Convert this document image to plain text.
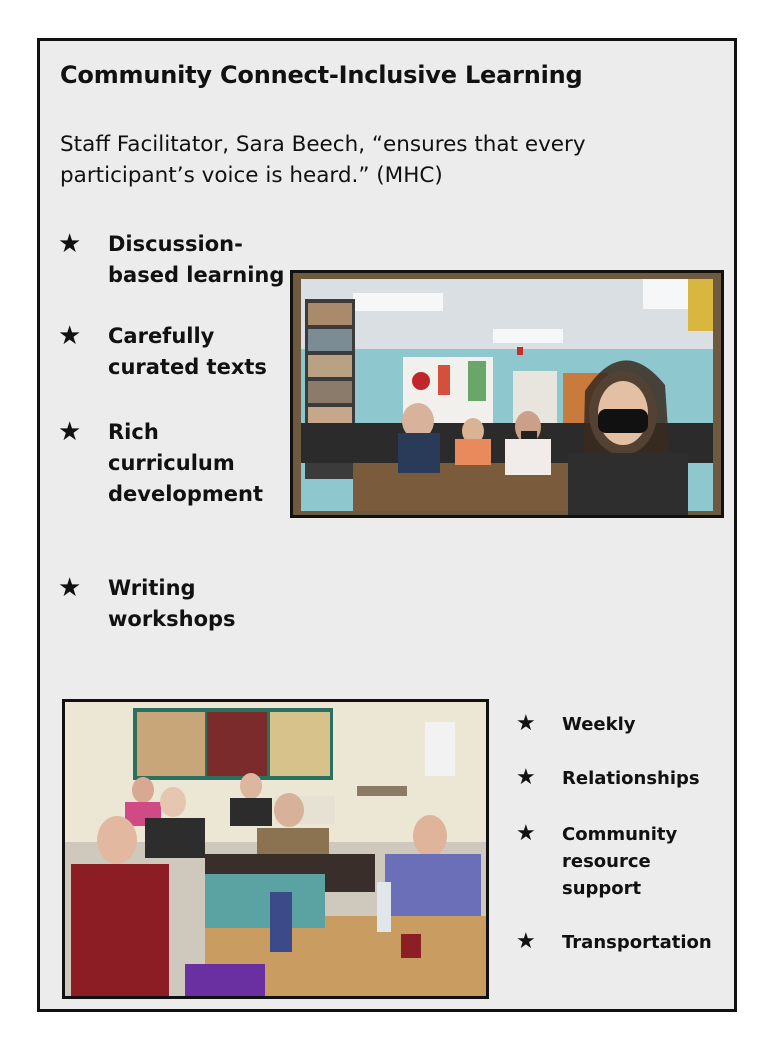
Community Connect-Inclusive Learning
Staff Facilitator, Sara Beech, “ensures that every participant’s voice is heard.” (MHC)
★	Discussion-
based learning
★	Carefully
curated texts
★	Rich
curriculum
development
★	Writing
workshops
★	Weekly
★	Relationships
★	Community
resource
support
★	Transportation
